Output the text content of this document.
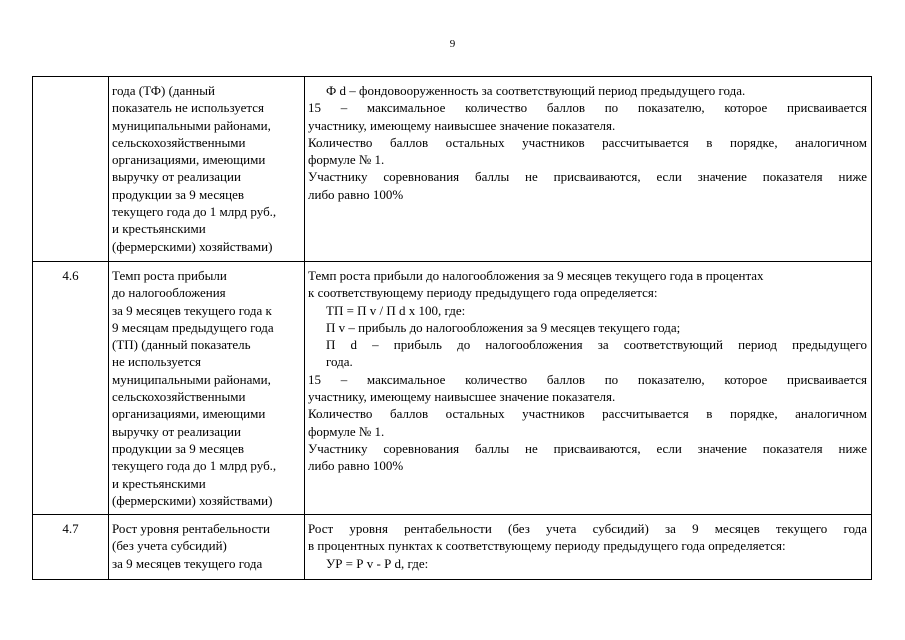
9
года (ТФ) (данный
показатель не используется
муниципальными районами,
сельскохозяйственными
организациями, имеющими
выручку от реализации
продукции за 9 месяцев
текущего года до 1 млрд руб.,
и крестьянскими
(фермерскими) хозяйствами)
Ф d – фондовооруженность за соответствующий период предыдущего года.
15 – максимальное количество баллов по показателю, которое присваивается
участнику, имеющему наивысшее значение показателя.
Количество баллов остальных участников рассчитывается в порядке, аналогичном
формуле № 1.
Участнику соревнования баллы не присваиваются, если значение показателя ниже
либо равно 100%
4.6	Темп роста прибыли
до налогообложения
за 9 месяцев текущего года к
9 месяцам предыдущего года
(ТП) (данный показатель
не используется
муниципальными районами,
сельскохозяйственными
организациями, имеющими
выручку от реализации
продукции за 9 месяцев
текущего года до 1 млрд руб.,
и крестьянскими
(фермерскими) хозяйствами)
Темп роста прибыли до налогообложения за 9 месяцев текущего года в процентах
к соответствующему периоду предыдущего года определяется:
ТП = П v / П d х 100, где:
П v – прибыль до налогообложения за 9 месяцев текущего года;
П d – прибыль до налогообложения за соответствующий период предыдущего
года.
15 – максимальное количество баллов по показателю, которое присваивается
участнику, имеющему наивысшее значение показателя.
Количество баллов остальных участников рассчитывается в порядке, аналогичном
формуле № 1.
Участнику соревнования баллы не присваиваются, если значение показателя ниже
либо равно 100%
4.7	Рост уровня рентабельности
(без учета субсидий)
за 9 месяцев текущего года
Рост уровня рентабельности (без учета субсидий) за 9 месяцев текущего года
в процентных пунктах к соответствующему периоду предыдущего года определяется:
УР = Р v - Р d, где:
